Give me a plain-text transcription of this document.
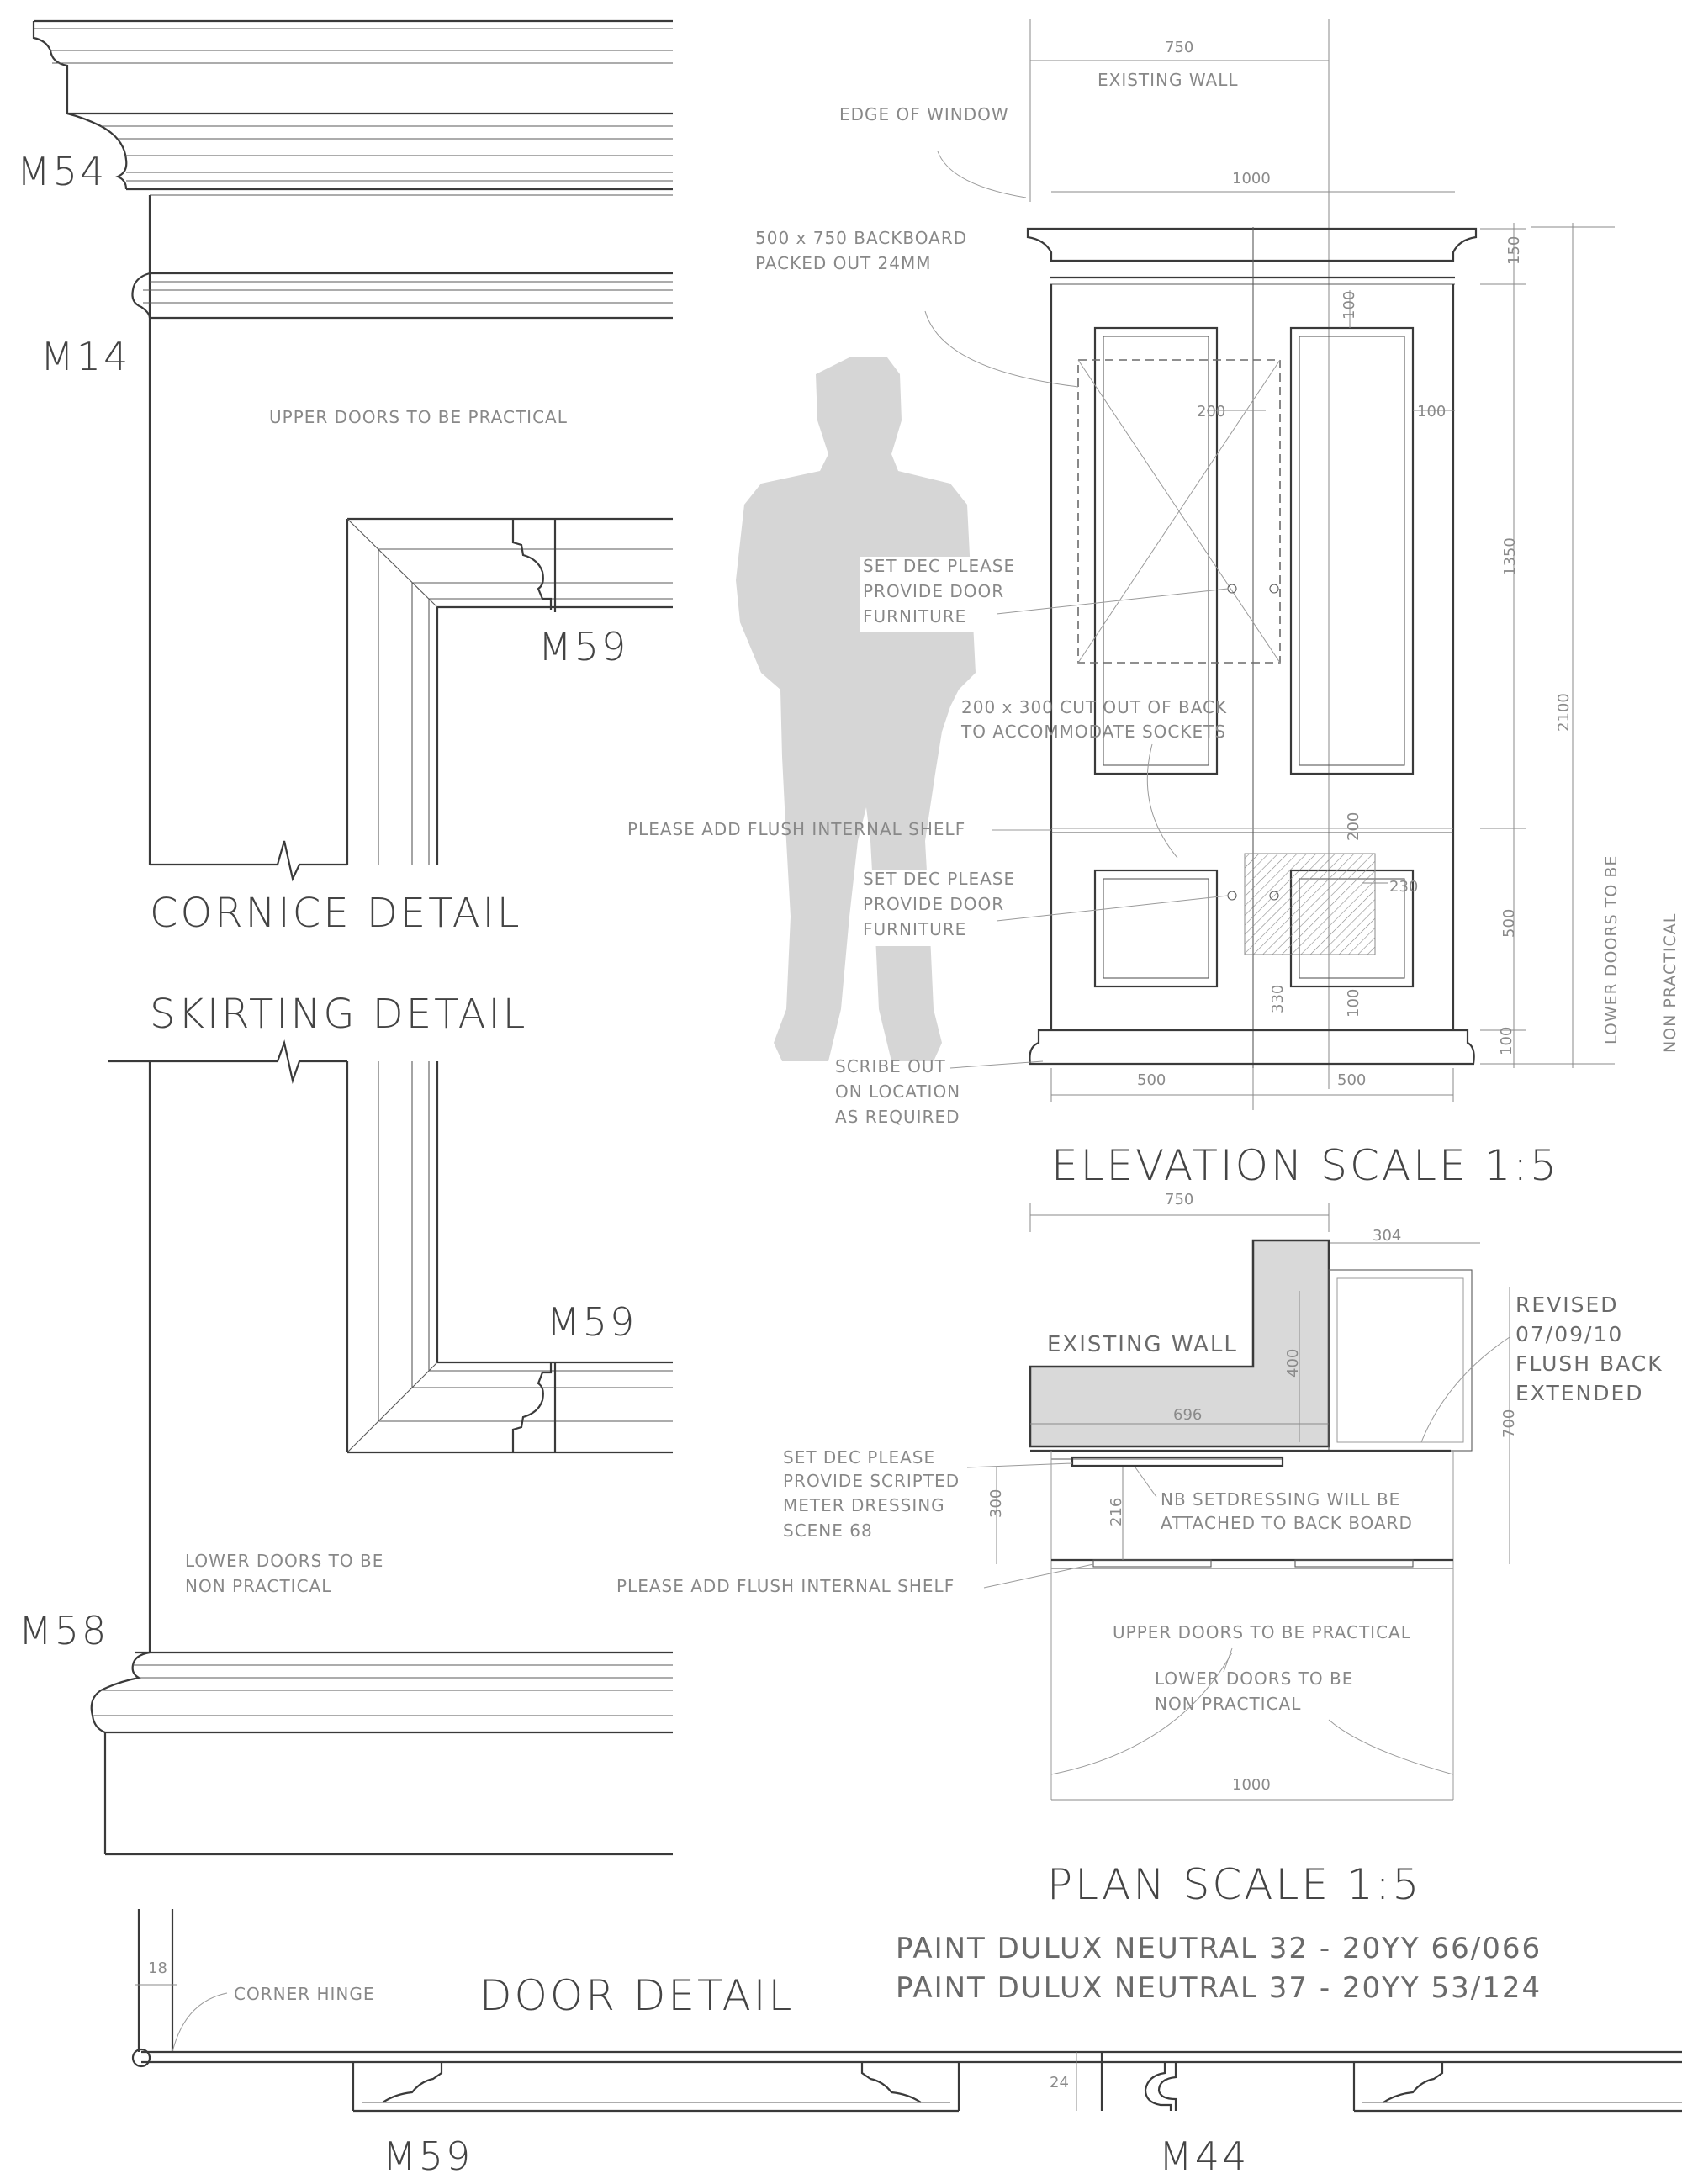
M54
M14
UPPER DOORS TO BE PRACTICAL
M59
CORNICE DETAIL
SKIRTING DETAIL
M59
LOWER DOORS TO BE
NON PRACTICAL
M58
18
CORNER HINGE DOOR DETAIL
M59
24
M44
750
EXISTING WALL
EDGE OF WINDOW
1000
500 x 750 BACKBOARD
PACKED OUT 24MM
SET DEC PLEASE
PROVIDE DOOR
FURNITURE
100
200	100
150
1350
500
100
2100
LOWER DOORS TO BE	NON PRACTICAL
PLEASE ADD FLUSH INTERNAL SHELF
200 x 300 CUT OUT OF BACK
TO ACCOMMODATE SOCKETS
230
200
330	100
SET DEC PLEASE
PROVIDE DOOR
FURNITURE
SCRIBE OUT
ON LOCATION
AS REQUIRED
500	500
ELEVATION SCALE 1:5
750
304
EXISTING WALL
400
696	700
300	216
REVISED
07/09/10
FLUSH BACK
EXTENDED
SET DEC PLEASE
PROVIDE SCRIPTED
METER DRESSING
SCENE 68
NB SETDRESSING WILL BE
ATTACHED TO BACK BOARD
PLEASE ADD FLUSH INTERNAL SHELF
UPPER DOORS TO BE PRACTICAL
LOWER DOORS TO BE
NON PRACTICAL
1000
PLAN SCALE 1:5
PAINT DULUX NEUTRAL 32 - 20YY 66/066
PAINT DULUX NEUTRAL 37 - 20YY 53/124
